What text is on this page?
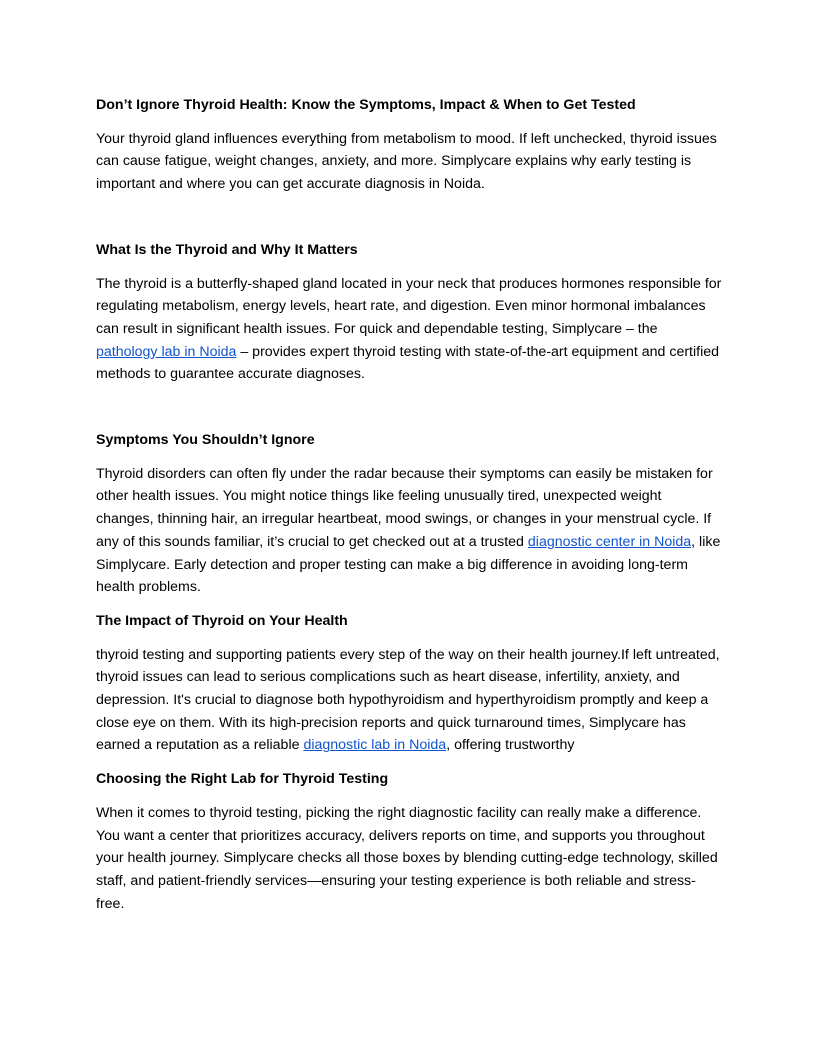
Don’t Ignore Thyroid Health: Know the Symptoms, Impact & When to Get Tested

Your thyroid gland influences everything from metabolism to mood. If left unchecked, thyroid issues can cause fatigue, weight changes, anxiety, and more. Simplycare explains why early testing is important and where you can get accurate diagnosis in Noida.

What Is the Thyroid and Why It Matters

The thyroid is a butterfly-shaped gland located in your neck that produces hormones responsible for regulating metabolism, energy levels, heart rate, and digestion. Even minor hormonal imbalances can result in significant health issues. For quick and dependable testing, Simplycare – the pathology lab in Noida – provides expert thyroid testing with state-of-the-art equipment and certified methods to guarantee accurate diagnoses.

Symptoms You Shouldn’t Ignore

Thyroid disorders can often fly under the radar because their symptoms can easily be mistaken for other health issues. You might notice things like feeling unusually tired, unexpected weight changes, thinning hair, an irregular heartbeat, mood swings, or changes in your menstrual cycle. If any of this sounds familiar, it’s crucial to get checked out at a trusted diagnostic center in Noida, like Simplycare. Early detection and proper testing can make a big difference in avoiding long-term health problems.

The Impact of Thyroid on Your Health

thyroid testing and supporting patients every step of the way on their health journey.If left untreated, thyroid issues can lead to serious complications such as heart disease, infertility, anxiety, and depression. It's crucial to diagnose both hypothyroidism and hyperthyroidism promptly and keep a close eye on them. With its high-precision reports and quick turnaround times, Simplycare has earned a reputation as a reliable diagnostic lab in Noida, offering trustworthy

Choosing the Right Lab for Thyroid Testing

When it comes to thyroid testing, picking the right diagnostic facility can really make a difference. You want a center that prioritizes accuracy, delivers reports on time, and supports you throughout your health journey. Simplycare checks all those boxes by blending cutting-edge technology, skilled staff, and patient-friendly services—ensuring your testing experience is both reliable and stress-free.
